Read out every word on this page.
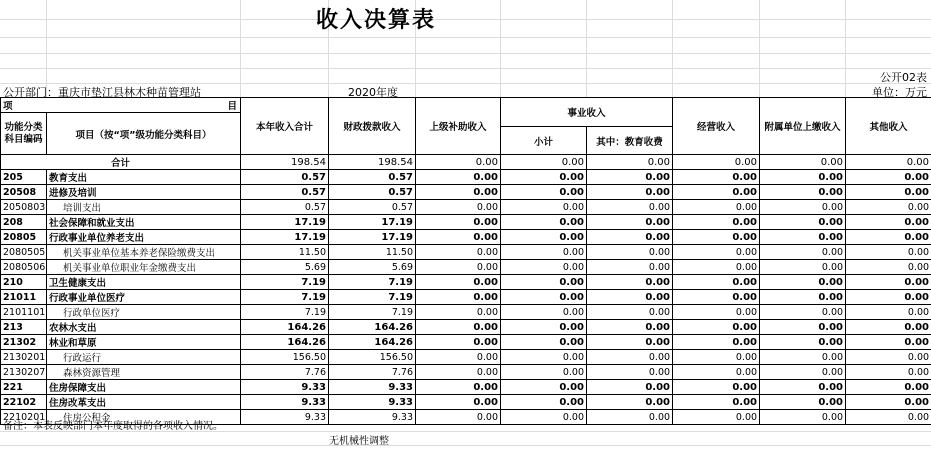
收入决算表
公开02表
公开部门：重庆市垫江县林木种苗管理站	2020年度	单位：万元
项 目		本年收入合计	财政拨款收入	上级补助收入	事业收入		经营收入	附属单位上缴收入	其他收入
功能分类科目编码	项目（按“项”级功能分类科目）								
					小计	其中：教育收费			
合计		198.54	198.54	0.00	0.00	0.00	0.00	0.00	0.00
205	教育支出	0.57	0.57	0.00	0.00	0.00	0.00	0.00	0.00
20508	进修及培训	0.57	0.57	0.00	0.00	0.00	0.00	0.00	0.00
2050803	培训支出	0.57	0.57	0.00	0.00	0.00	0.00	0.00	0.00
208	社会保障和就业支出	17.19	17.19	0.00	0.00	0.00	0.00	0.00	0.00
20805	行政事业单位养老支出	17.19	17.19	0.00	0.00	0.00	0.00	0.00	0.00
2080505	机关事业单位基本养老保险缴费支出	11.50	11.50	0.00	0.00	0.00	0.00	0.00	0.00
2080506	机关事业单位职业年金缴费支出	5.69	5.69	0.00	0.00	0.00	0.00	0.00	0.00
210	卫生健康支出	7.19	7.19	0.00	0.00	0.00	0.00	0.00	0.00
21011	行政事业单位医疗	7.19	7.19	0.00	0.00	0.00	0.00	0.00	0.00
2101101	行政单位医疗	7.19	7.19	0.00	0.00	0.00	0.00	0.00	0.00
213	农林水支出	164.26	164.26	0.00	0.00	0.00	0.00	0.00	0.00
21302	林业和草原	164.26	164.26	0.00	0.00	0.00	0.00	0.00	0.00
2130201	行政运行	156.50	156.50	0.00	0.00	0.00	0.00	0.00	0.00
2130207	森林资源管理	7.76	7.76	0.00	0.00	0.00	0.00	0.00	0.00
221	住房保障支出	9.33	9.33	0.00	0.00	0.00	0.00	0.00	0.00
22102	住房改革支出	9.33	9.33	0.00	0.00	0.00	0.00	0.00	0.00
2210201	住房公积金	9.33	9.33	0.00	0.00	0.00	0.00	0.00	0.00
备注：本表反映部门本年度取得的各项收入情况。
无机械性调整
